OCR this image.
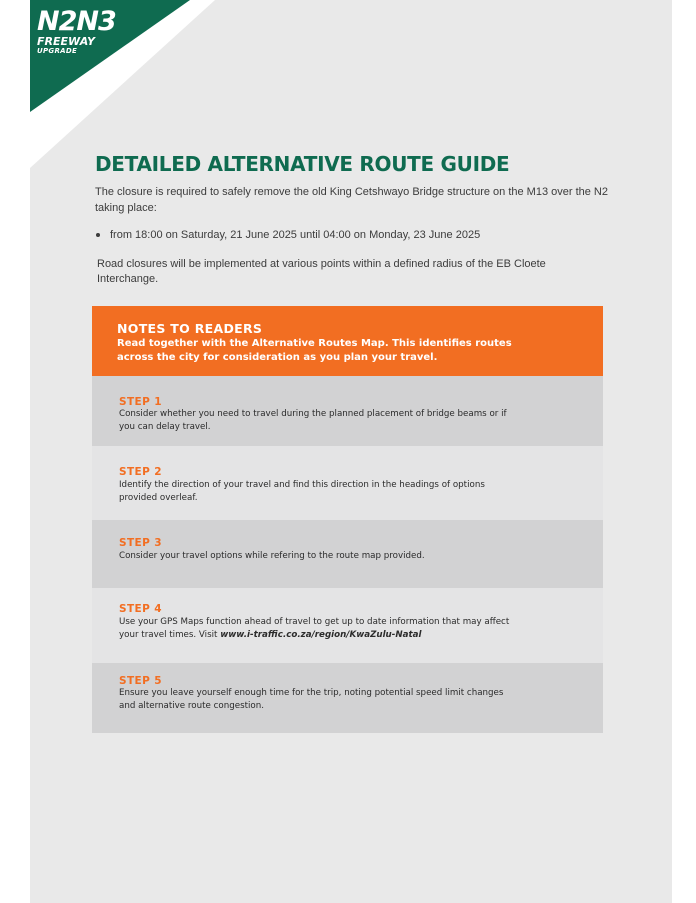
N2N3
FREEWAY
UPGRADE
DETAILED ALTERNATIVE ROUTE GUIDE
The closure is required to safely remove the old King Cetshwayo Bridge structure on the M13 over the N2 taking place:
from 18:00 on Saturday, 21 June 2025 until 04:00 on Monday, 23 June 2025
Road closures will be implemented at various points within a defined radius of the EB Cloete Interchange.
NOTES TO READERS
Read together with the Alternative Routes Map. This identifies routes across the city for consideration as you plan your travel.
STEP 1
Consider whether you need to travel during the planned placement of bridge beams or if you can delay travel.
STEP 2
Identify the direction of your travel and find this direction in the headings of options provided overleaf.
STEP 3
Consider your travel options while refering to the route map provided.
STEP 4
Use your GPS Maps function ahead of travel to get up to date information that may affect your travel times. Visit www.i-traffic.co.za/region/KwaZulu-Natal
STEP 5
Ensure you leave yourself enough time for the trip, noting potential speed limit changes and alternative route congestion.
